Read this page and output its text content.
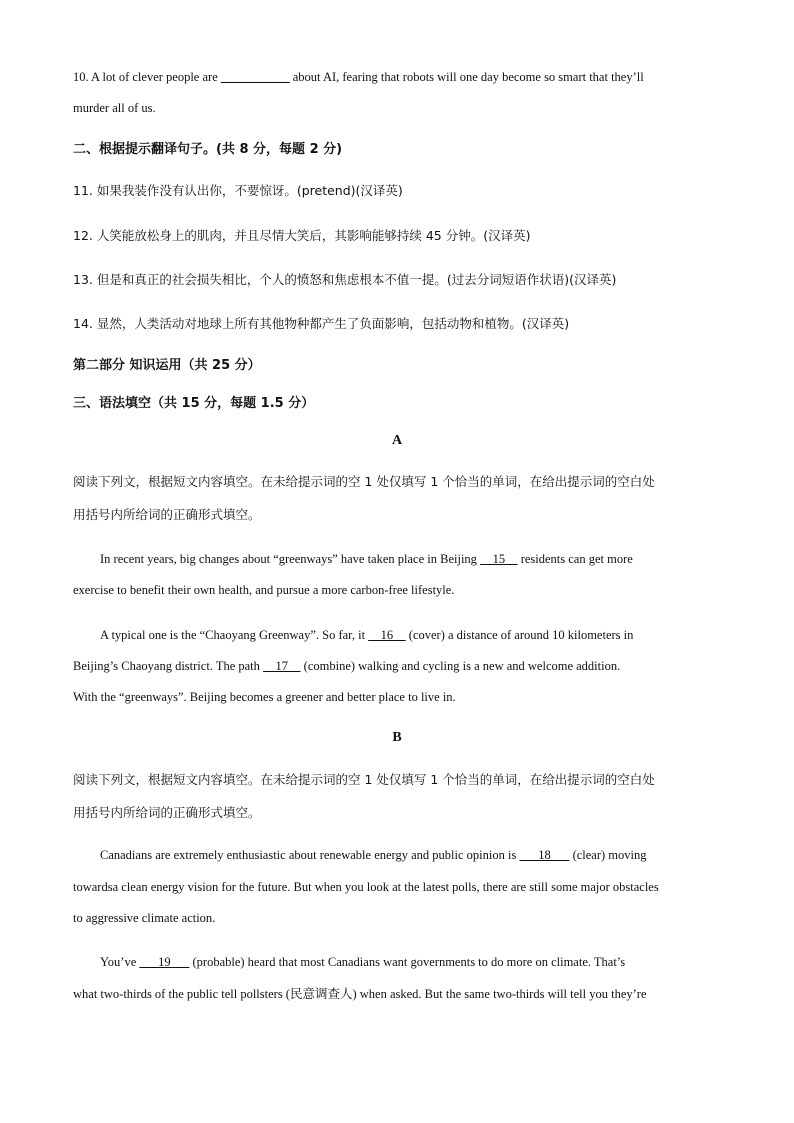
10. A lot of clever people are ___________ about AI, fearing that robots will one day become so smart that they’ll
murder all of us.
二、根据提示翻译句子。(共 8 分，每题 2 分)
11. 如果我装作没有认出你，不要惊讶。(pretend)(汉译英)
12. 人笑能放松身上的肌肉，并且尽情大笑后，其影响能够持续 45 分钟。(汉译英)
13. 但是和真正的社会损失相比，个人的愤怒和焦虑根本不值一提。(过去分词短语作状语)(汉译英)
14. 显然，人类活动对地球上所有其他物种都产生了负面影响，包括动物和植物。(汉译英)
第二部分 知识运用（共 25 分）
三、语法填空（共 15 分，每题 1.5 分）
A
阅读下列文，根据短文内容填空。在未给提示词的空 1 处仅填写 1 个恰当的单词，在给出提示词的空白处
用括号内所给词的正确形式填空。
In recent years, big changes about “greenways” have taken place in Beijing     15     residents can get more
exercise to benefit their own health, and pursue a more carbon-free lifestyle.
A typical one is the “Chaoyang Greenway”. So far, it     16     (cover) a distance of around 10 kilometers in
Beijing’s Chaoyang district. The path     17     (combine) walking and cycling is a new and welcome addition.
With the “greenways”. Beijing becomes a greener and better place to live in.
B
阅读下列文，根据短文内容填空。在未给提示词的空 1 处仅填写 1 个恰当的单词，在给出提示词的空白处
用括号内所给词的正确形式填空。
Canadians are extremely enthusiastic about renewable energy and public opinion is       18       (clear) moving
towardsa clean energy vision for the future. But when you look at the latest polls, there are still some major obstacles
to aggressive climate action.
You’ve       19       (probable) heard that most Canadians want governments to do more on climate. That’s
what two-thirds of the public tell pollsters (民意调查人) when asked. But the same two-thirds will tell you they’re
